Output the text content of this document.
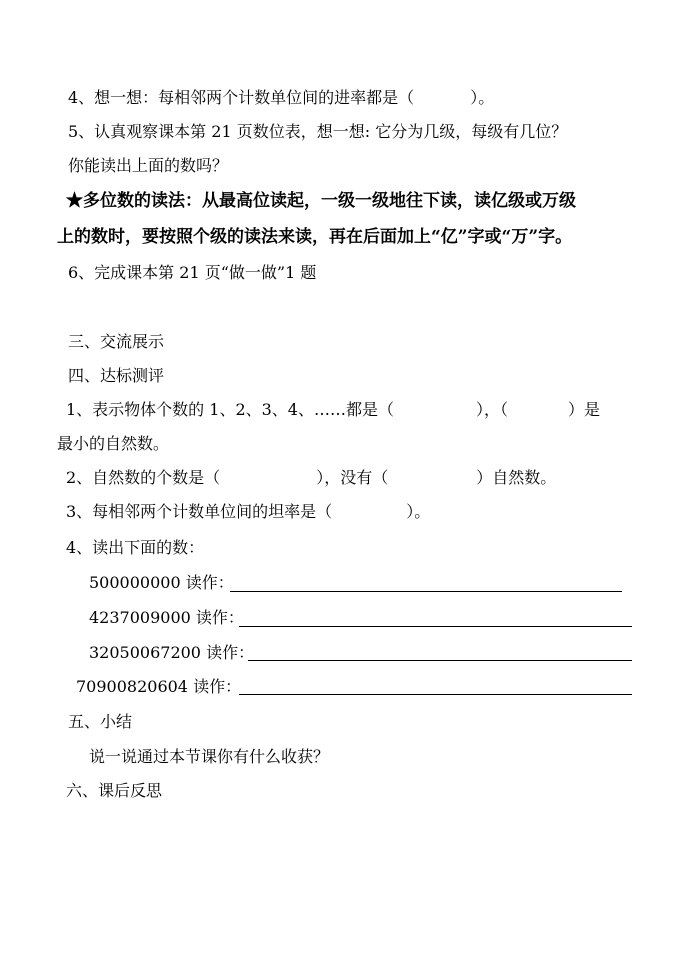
4、想一想：每相邻两个计数单位间的进率都是（	）。
5、认真观察课本第 21 页数位表，想一想: 它分为几级，每级有几位？
你能读出上面的数吗？
★多位数的读法：从最高位读起，一级一级地往下读，读亿级或万级
上的数时，要按照个级的读法来读，再在后面加上“亿”字或“万”字。
6、完成课本第 21 页“做一做”1 题
三、交流展示
四、达标测评
1、表示物体个数的 1、2、3、4、……都是（	），（	）是
最小的自然数。
2、自然数的个数是（	），没有（	）自然数。
3、每相邻两个计数单位间的坦率是（	）。
4、读出下面的数：
500000000 读作：
4237009000 读作：
32050067200 读作：
70900820604 读作：
五、小结
说一说通过本节课你有什么收获？
六、课后反思
